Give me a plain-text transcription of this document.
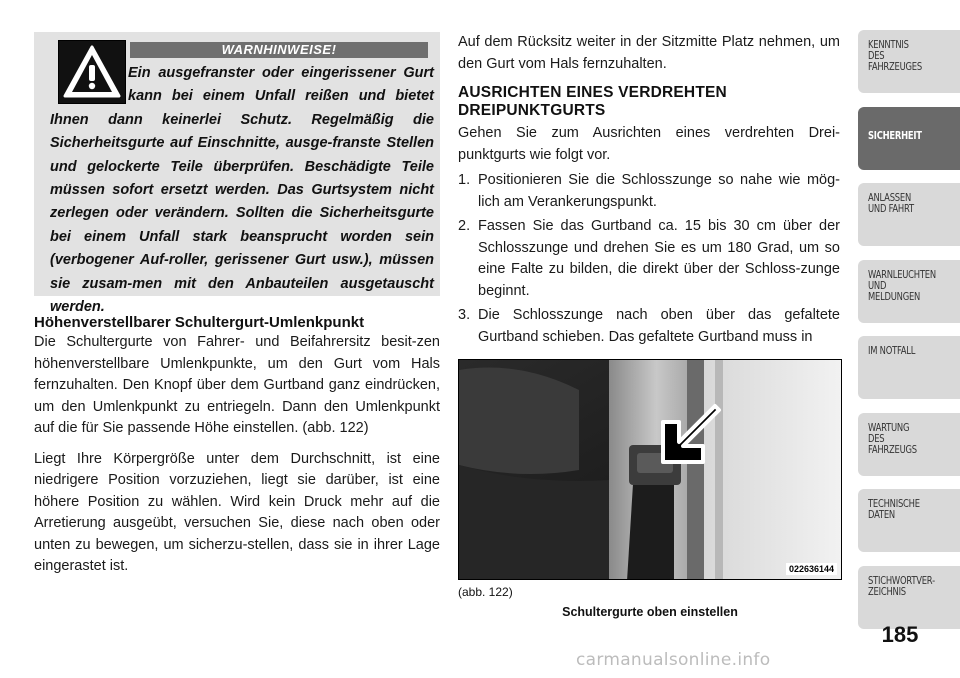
WARNHINWEISE!

Ein ausgefranster oder eingerissener Gurt kann bei einem Unfall reißen und bietet Ihnen dann keinerlei Schutz. Regelmäßig die Sicherheitsgurte auf Einschnitte, ausge-franste Stellen und gelockerte Teile überprüfen. Beschädigte Teile müssen sofort ersetzt werden. Das Gurtsystem nicht zerlegen oder verändern. Sollten die Sicherheitsgurte bei einem Unfall stark beansprucht worden sein (verbogener Auf-roller, gerissener Gurt usw.), müssen sie zusam-men mit den Anbauteilen ausgetauscht werden.

Höhenverstellbarer Schultergurt-Umlenkpunkt

Die Schultergurte von Fahrer- und Beifahrersitz besit-zen höhenverstellbare Umlenkpunkte, um den Gurt vom Hals fernzuhalten. Den Knopf über dem Gurtband ganz eindrücken, um den Umlenkpunkt zu entriegeln. Dann den Umlenkpunkt auf die für Sie passende Höhe einstellen. (abb. 122)

Liegt Ihre Körpergröße unter dem Durchschnitt, ist eine niedrigere Position vorzuziehen, liegt sie darüber, ist eine höhere Position zu wählen. Wird kein Druck mehr auf die Arretierung ausgeübt, versuchen Sie, diese nach oben oder unten zu bewegen, um sicherzu-stellen, dass sie in ihrer Lage eingerastet ist.

Auf dem Rücksitz weiter in der Sitzmitte Platz nehmen, um den Gurt vom Hals fernzuhalten.

AUSRICHTEN EINES VERDREHTEN DREIPUNKTGURTS

Gehen Sie zum Ausrichten eines verdrehten Drei-punktgurts wie folgt vor.

1. Positionieren Sie die Schlosszunge so nahe wie mög-lich am Verankerungspunkt.
2. Fassen Sie das Gurtband ca. 15 bis 30 cm über der Schlosszunge und drehen Sie es um 180 Grad, um so eine Falte zu bilden, die direkt über der Schloss-zunge beginnt.
3. Die Schlosszunge nach oben über das gefaltete Gurtband schieben. Das gefaltete Gurtband muss in
022636144
(abb. 122)
Schultergurte oben einstellen
KENNTNIS
DES
FAHRZEUGES
SICHERHEIT
ANLASSEN
UND FAHRT
WARNLEUCHTEN
UND
MELDUNGEN
IM NOTFALL
WARTUNG
DES
FAHRZEUGS
TECHNISCHE
DATEN
STICHWORTVER-
ZEICHNIS
185
carmanualsonline.info
